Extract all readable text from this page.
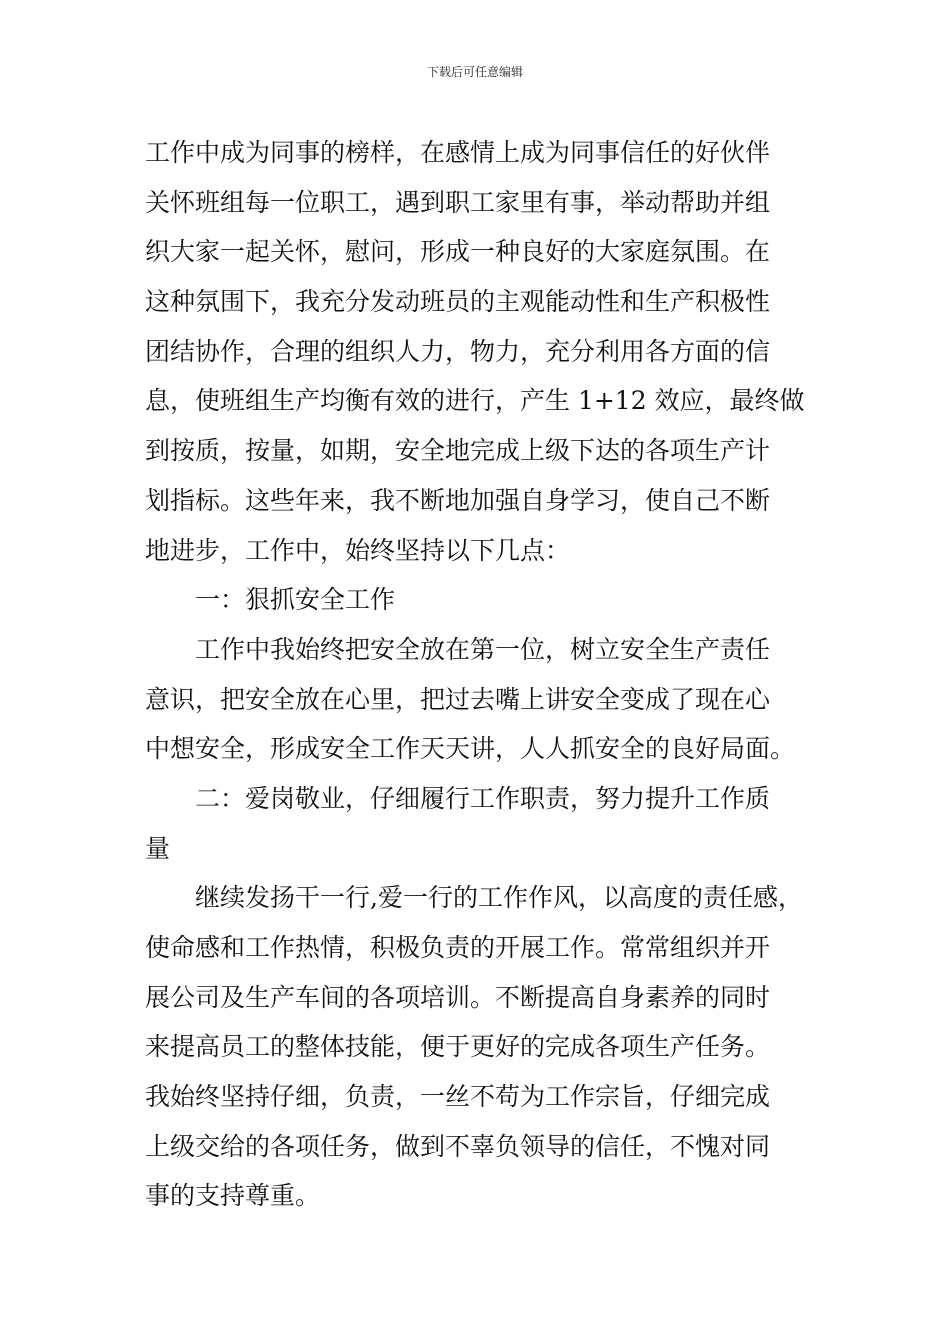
下载后可任意编辑
工作中成为同事的榜样，在感情上成为同事信任的好伙伴
关怀班组每一位职工，遇到职工家里有事，举动帮助并组
织大家一起关怀，慰问，形成一种良好的大家庭氛围。在
这种氛围下，我充分发动班员的主观能动性和生产积极性
团结协作，合理的组织人力，物力，充分利用各方面的信
息，使班组生产均衡有效的进行，产生 1+12 效应，最终做
到按质，按量，如期，安全地完成上级下达的各项生产计
划指标。这些年来，我不断地加强自身学习，使自己不断
地进步，工作中，始终坚持以下几点：
一：狠抓安全工作
工作中我始终把安全放在第一位，树立安全生产责任
意识，把安全放在心里，把过去嘴上讲安全变成了现在心
中想安全，形成安全工作天天讲，人人抓安全的良好局面。
二：爱岗敬业，仔细履行工作职责，努力提升工作质
量
继续发扬干一行,爱一行的工作作风，以高度的责任感，
使命感和工作热情，积极负责的开展工作。常常组织并开
展公司及生产车间的各项培训。不断提高自身素养的同时
来提高员工的整体技能，便于更好的完成各项生产任务。
我始终坚持仔细，负责，一丝不苟为工作宗旨，仔细完成
上级交给的各项任务，做到不辜负领导的信任，不愧对同
事的支持尊重。
